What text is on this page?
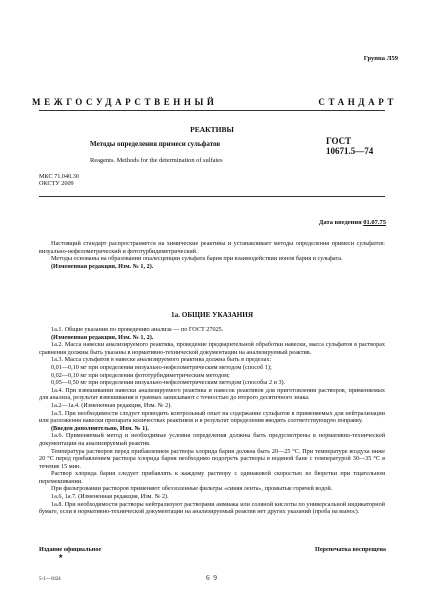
Группа Л59
МЕЖГОСУДАРСТВЕННЫЙ	СТАНДАРТ
РЕАКТИВЫ
Методы определения примеси сульфатов
Reagents. Methods for the determination of sulfates
ГОСТ
10671.5—74
МКС 71.040.30
ОКСТУ 2609
Дата введения 01.07.75

Настоящий стандарт распространяется на химические реактивы и устанавливает методы определения примеси сульфатов: визуально-нефелометрический и фототурбидиметрический.

Методы основаны на образовании опалесценции сульфата бария при взаимодействии ионов бария и сульфата.

(Измененная редакция, Изм. № 1, 2).

1а. ОБЩИЕ УКАЗАНИЯ

1а.1. Общие указания по проведению анализа — по ГОСТ 27025.

(Измененная редакция, Изм. № 1, 2).

1а.2. Масса навески анализируемого реактива, проведение предварительной обработки навески, масса сульфатов в растворах сравнения должны быть указаны в нормативно-технической документации на анализируемый реактив.

1а.3. Масса сульфатов в навеске анализируемого реактива должна быть в пределах:

0,01—0,10 мг при определении визуально-нефелометрическим методом (способ 1);

0,02—0,10 мг при определении фототурбидиметрическим методом;

0,05—0,50 мг при определении визуально-нефелометрическим методом (способы 2 и 3).

1а.4. При взвешивании навески анализируемого реактива и навесок реактивов для приготовления растворов, применяемых для анализа, результат взвешивания в граммах записывают с точностью до второго десятичного знака.

1а.2—1а.4. (Измененная редакция, Изм. № 2).

1а.5. При необходимости следует проводить контрольный опыт на содержание сульфатов в применяемых для нейтрализации или разложения навески препарата количествах реактивов и в результат определения вводить соответствующую поправку.

(Введен дополнительно, Изм. № 1).

1а.6. Применяемый метод и необходимые условия определения должны быть предусмотрены в нормативно-технической документации на анализируемый реактив.

Температура растворов перед прибавлением раствора хлорида бария должна быть 20—25 °С. При температуре воздуха ниже 20 °С перед прибавлением раствора хлорида бария необходимо подогреть растворы в водяной бане с температурой 30—35 °С в течение 15 мин.

Раствор хлорида бария следует прибавлять к каждому раствору с одинаковой скоростью из бюретки при тщательном перемешивании.

При фильтровании растворов применяют обеззоленные фильтры «синяя лента», промытые горячей водой.

1а.6, 1а.7. (Измененная редакция, Изм. № 2).

1а.8. При необходимости растворы нейтрализуют растворами аммиака или соляной кислоты по универсальной индикаторной бумаге, если в нормативно-технической документации на анализируемый реактив нет других указаний (проба на вынос).

Издание официальное
★
Перепечатка воспрещена
5-1—1024	6 9
